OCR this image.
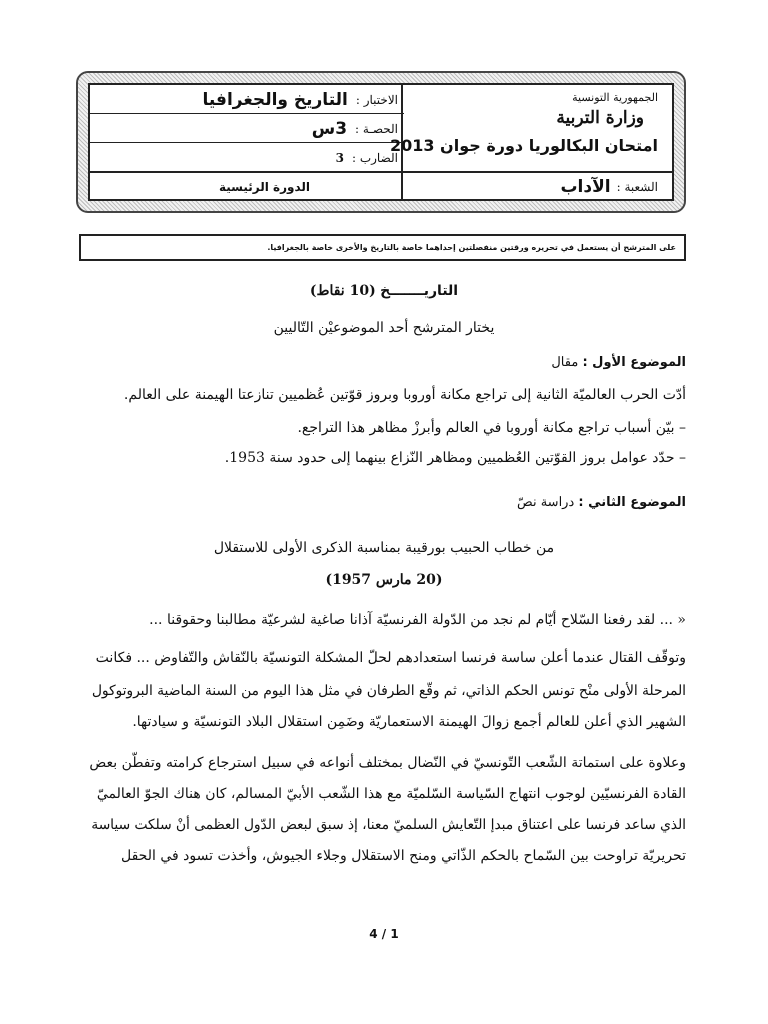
الجمهورية التونسية
وزارة التربية
امتحان البكالوريا دورة جوان 2013
الشعبة :
الآداب
الاختبار :
التاريخ والجغرافيا
الحصـة :
3س
الضارب :
3
الدورة الرئيسية
على المترشح أن يستعمل في تحريره ورقتين منفصلتين إحداهما خاصة بالتاريخ والأخرى خاصة بالجغرافيا.
التاريـــــــخ (10 نقاط)
يختار المترشح أحد الموضوعيْن التّاليين
الموضوع الأول : مقال
أدّت الحرب العالميّة الثانية إلى تراجع مكانة أوروبا وبروز قوّتين عُظميين تنازعتا الهيمنة على العالم.
– بيّن أسباب تراجع مكانة أوروبا في العالم وأبرزْ مظاهر هذا التراجع.
– حدّد عوامل بروز القوّتين العُظميين ومظاهر النّزاع بينهما إلى حدود سنة 1953.
الموضوع الثاني : دراسة نصّ
من خطاب الحبيب بورقيبة بمناسبة الذكرى الأولى للاستقلال
(20 مارس 1957)
« ... لقد رفعنا السّلاح أيّام لم نجد من الدّولة الفرنسيّة آذانا صاغية لشرعيّة مطالبنا وحقوقنا ...
وتوقّف القتال عندما أعلن ساسة فرنسا استعدادهم لحلّ المشكلة التونسيّة بالنّقاش والتّفاوض ... فكانت
المرحلة الأولى منْح تونس الحكم الذاتي، ثم وقّع الطرفان في مثل هذا اليوم من السنة الماضية البروتوكول
الشهير الذي أعلن للعالم أجمع زوالَ الهيمنة الاستعماريّة وضَمِن استقلال البلاد التونسيّة و سيادتها.
وعلاوة على استماتة الشّعب التّونسيّ في النّضال بمختلف أنواعه في سبيل استرجاع كرامته وتفطّن بعض
القادة الفرنسيّين لوجوب انتهاج السّياسة السّلميّة مع هذا الشّعب الأبيّ المسالم، كان هناك الجوّ العالميّ
الذي ساعد فرنسا على اعتناق مبدإ التّعايش السلميّ معنا، إذ سبق لبعض الدّول العظمى أنْ سلكت سياسة
تحريريّة تراوحت بين السّماح بالحكم الذّاتي ومنح الاستقلال وجلاء الجيوش، وأخذت تسود في الحقل
4 / 1
